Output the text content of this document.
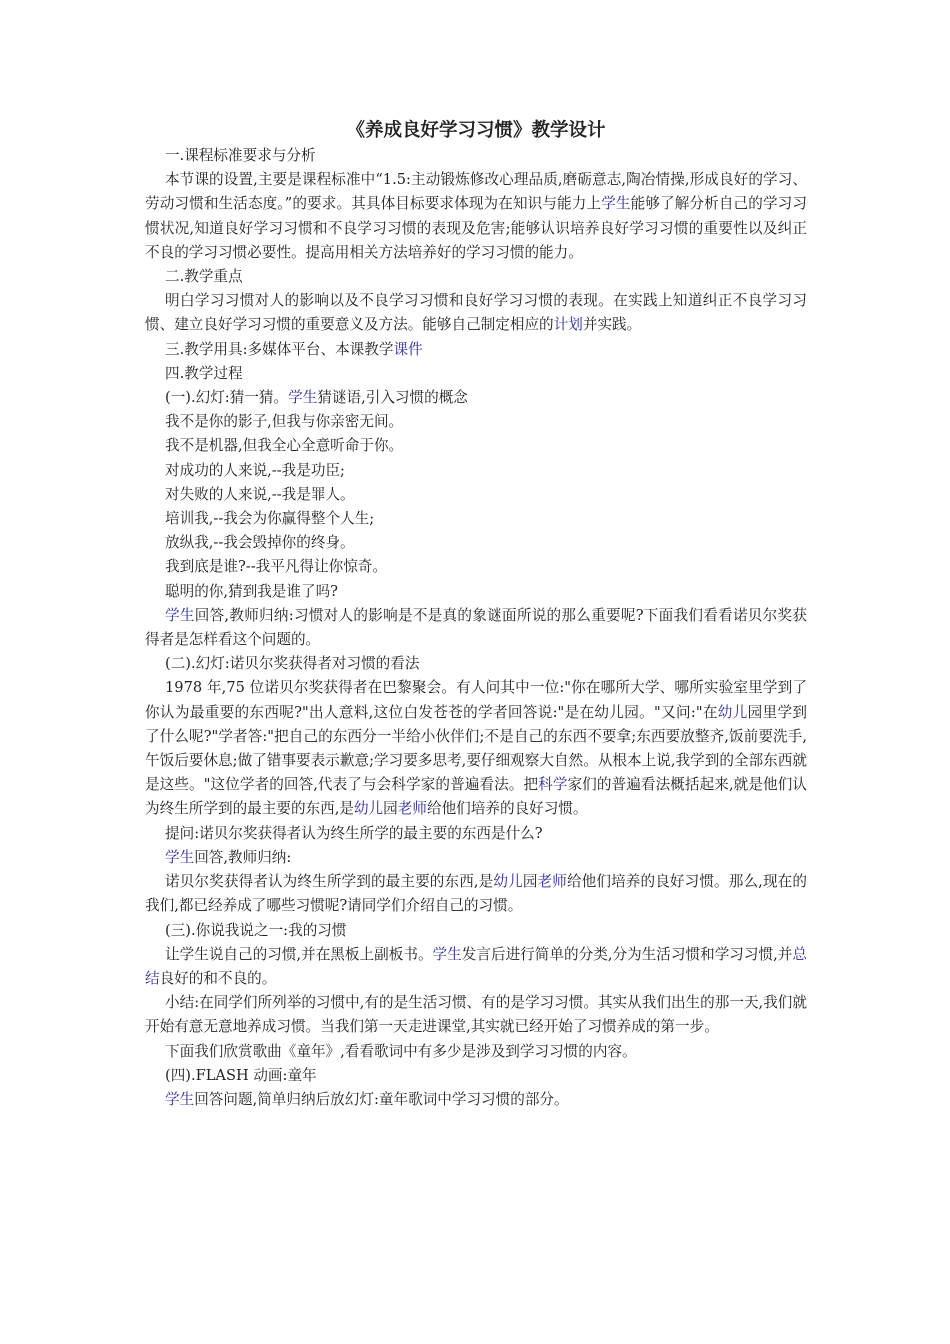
《养成良好学习习惯》教学设计

一.课程标准要求与分析

本节课的设置,主要是课程标准中“1.5:主动锻炼修改心理品质,磨砺意志,陶冶情操,形成良好的学习、劳动习惯和生活态度。”的要求。其具体目标要求体现为在知识与能力上学生能够了解分析自己的学习习惯状况,知道良好学习习惯和不良学习习惯的表现及危害;能够认识培养良好学习习惯的重要性以及纠正不良的学习习惯必要性。提高用相关方法培养好的学习习惯的能力。

二.教学重点

明白学习习惯对人的影响以及不良学习习惯和良好学习习惯的表现。在实践上知道纠正不良学习习惯、建立良好学习习惯的重要意义及方法。能够自己制定相应的计划并实践。

三.教学用具:多媒体平台、本课教学课件

四.教学过程

(一).幻灯:猜一猜。学生猜谜语,引入习惯的概念

我不是你的影子,但我与你亲密无间。

我不是机器,但我全心全意听命于你。

对成功的人来说,--我是功臣;

对失败的人来说,--我是罪人。

培训我,--我会为你赢得整个人生;

放纵我,--我会毁掉你的终身。

我到底是谁?--我平凡得让你惊奇。

聪明的你,猜到我是谁了吗?

学生回答,教师归纳:习惯对人的影响是不是真的象谜面所说的那么重要呢?下面我们看看诺贝尔奖获得者是怎样看这个问题的。

(二).幻灯:诺贝尔奖获得者对习惯的看法

1978 年,75 位诺贝尔奖获得者在巴黎聚会。有人问其中一位:"你在哪所大学、哪所实验室里学到了你认为最重要的东西呢?"出人意料,这位白发苍苍的学者回答说:"是在幼儿园。"又问:"在幼儿园里学到了什么呢?"学者答:"把自己的东西分一半给小伙伴们;不是自己的东西不要拿;东西要放整齐,饭前要洗手,午饭后要休息;做了错事要表示歉意;学习要多思考,要仔细观察大自然。从根本上说,我学到的全部东西就是这些。"这位学者的回答,代表了与会科学家的普遍看法。把科学家们的普遍看法概括起来,就是他们认为终生所学到的最主要的东西,是幼儿园老师给他们培养的良好习惯。

提问:诺贝尔奖获得者认为终生所学的最主要的东西是什么?

学生回答,教师归纳:

诺贝尔奖获得者认为终生所学到的最主要的东西,是幼儿园老师给他们培养的良好习惯。那么,现在的我们,都已经养成了哪些习惯呢?请同学们介绍自己的习惯。

(三).你说我说之一:我的习惯

让学生说自己的习惯,并在黑板上副板书。学生发言后进行简单的分类,分为生活习惯和学习习惯,并总结良好的和不良的。

小结:在同学们所列举的习惯中,有的是生活习惯、有的是学习习惯。其实从我们出生的那一天,我们就开始有意无意地养成习惯。当我们第一天走进课堂,其实就已经开始了习惯养成的第一步。

下面我们欣赏歌曲《童年》,看看歌词中有多少是涉及到学习习惯的内容。

(四).FLASH 动画:童年

学生回答问题,简单归纳后放幻灯:童年歌词中学习习惯的部分。
